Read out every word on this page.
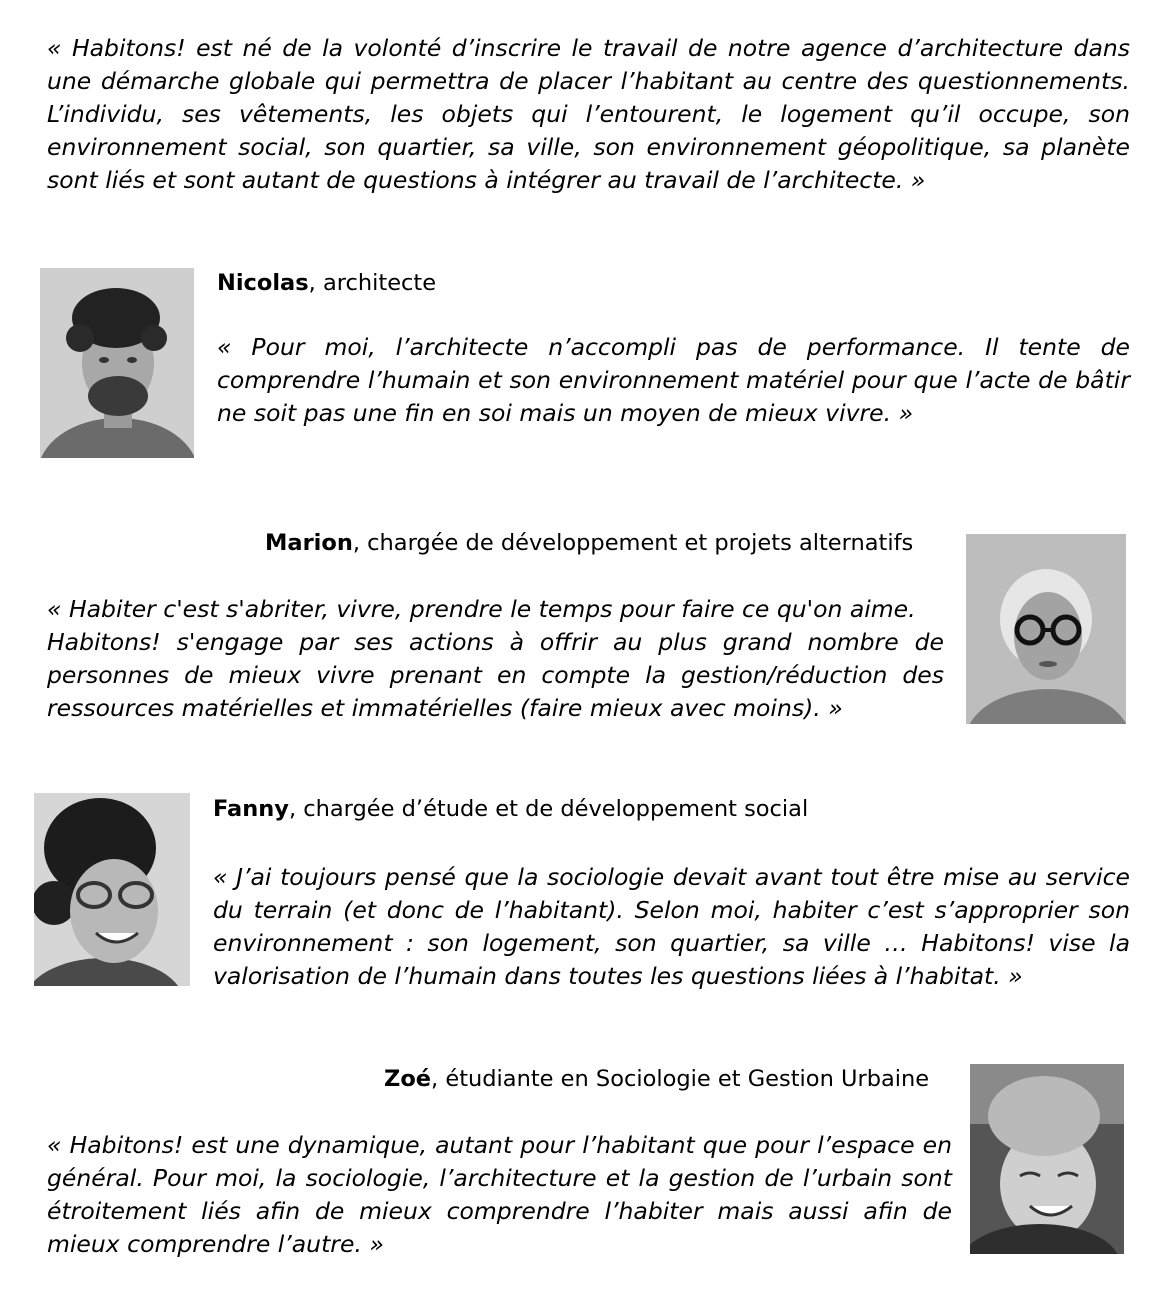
« Habitons! est né de la volonté d’inscrire le travail de notre agence d’architecture dans une démarche globale qui permettra de placer l’habitant au centre des questionnements. L’individu, ses vêtements, les objets qui l’entourent, le logement qu’il occupe, son environnement social, son quartier, sa ville, son environnement géopolitique, sa planète sont liés et sont autant de questions à intégrer au travail de l’architecte. »

Nicolas, architecte

« Pour moi, l’architecte n’accompli pas de performance. Il tente de comprendre l’humain et son environnement matériel pour que l’acte de bâtir ne soit pas une fin en soi mais un moyen de mieux vivre. »

Marion, chargée de développement et projets alternatifs

« Habiter c'est s'abriter, vivre, prendre le temps pour faire ce qu'on aime.
Habitons! s'engage par ses actions à offrir au plus grand nombre de personnes de mieux vivre prenant en compte la gestion/réduction des ressources matérielles et immatérielles (faire mieux avec moins). »

Fanny, chargée d’étude et de développement social

« J’ai toujours pensé que la sociologie devait avant tout être mise au service du terrain (et donc de l’habitant). Selon moi, habiter c’est s’approprier son environnement : son logement, son quartier, sa ville … Habitons! vise la valorisation de l’humain dans toutes les questions liées à l’habitat. »

Zoé, étudiante en Sociologie et Gestion Urbaine

« Habitons! est une dynamique, autant pour l’habitant que pour l’espace en général. Pour moi, la sociologie, l’architecture et la gestion de l’urbain sont étroitement liés afin de mieux comprendre l’habiter mais aussi afin de mieux comprendre l’autre. »
